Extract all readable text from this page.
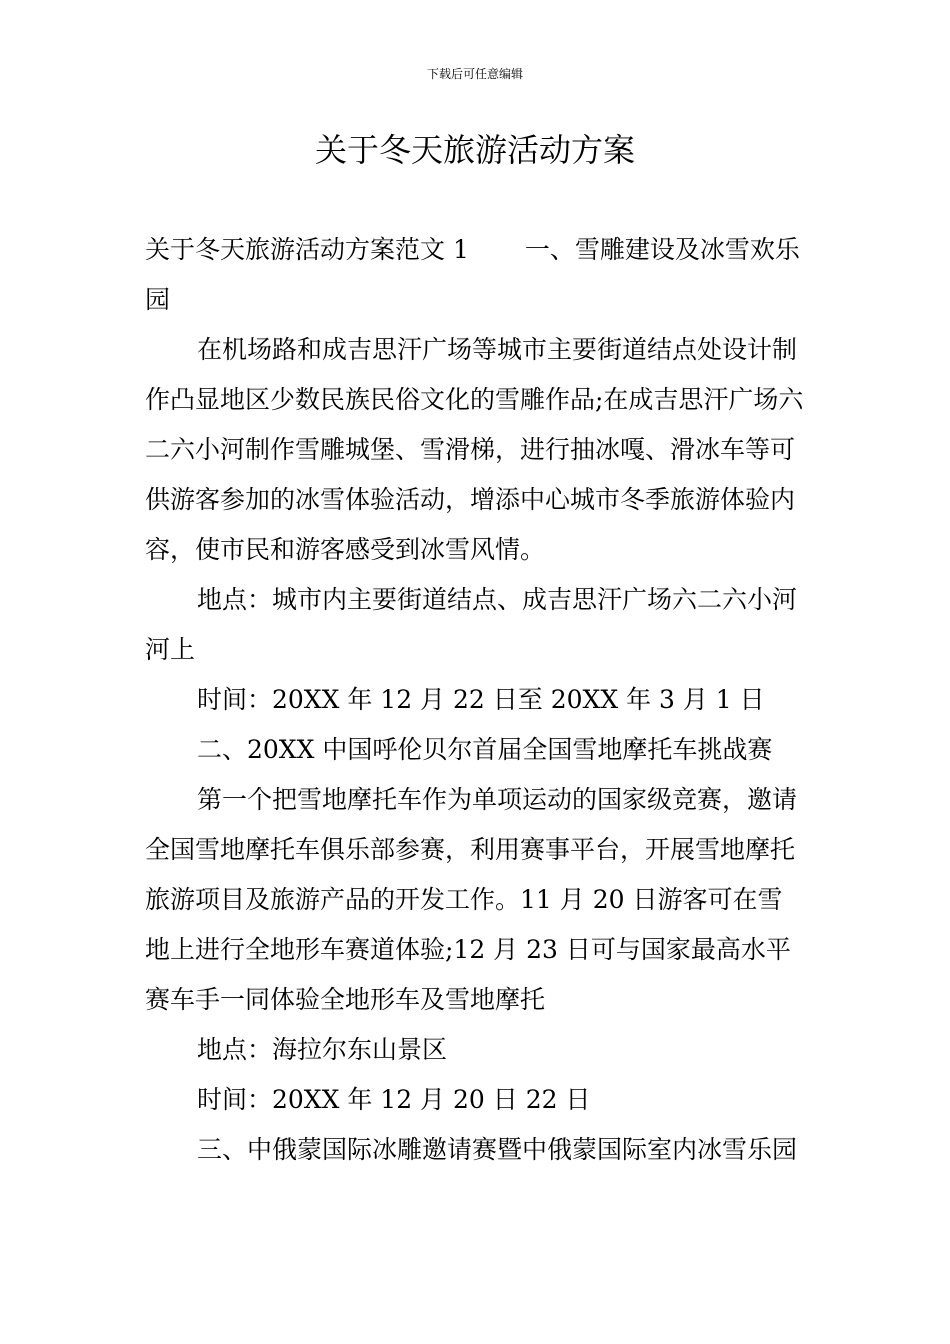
下载后可任意编辑
关于冬天旅游活动方案

关于冬天旅游活动方案范文 1 一、雪雕建设及冰雪欢乐园

在机场路和成吉思汗广场等城市主要街道结点处设计制作凸显地区少数民族民俗文化的雪雕作品;在成吉思汗广场六二六小河制作雪雕城堡、雪滑梯，进行抽冰嘎、滑冰车等可供游客参加的冰雪体验活动，增添中心城市冬季旅游体验内容，使市民和游客感受到冰雪风情。

地点：城市内主要街道结点、成吉思汗广场六二六小河河上

时间：20XX 年 12 月 22 日至 20XX 年 3 月 1 日

二、20XX 中国呼伦贝尔首届全国雪地摩托车挑战赛

第一个把雪地摩托车作为单项运动的国家级竞赛，邀请全国雪地摩托车俱乐部参赛，利用赛事平台，开展雪地摩托旅游项目及旅游产品的开发工作。11 月 20 日游客可在雪地上进行全地形车赛道体验;12 月 23 日可与国家最高水平赛车手一同体验全地形车及雪地摩托

地点：海拉尔东山景区

时间：20XX 年 12 月 20 日 22 日

三、中俄蒙国际冰雕邀请赛暨中俄蒙国际室内冰雪乐园
